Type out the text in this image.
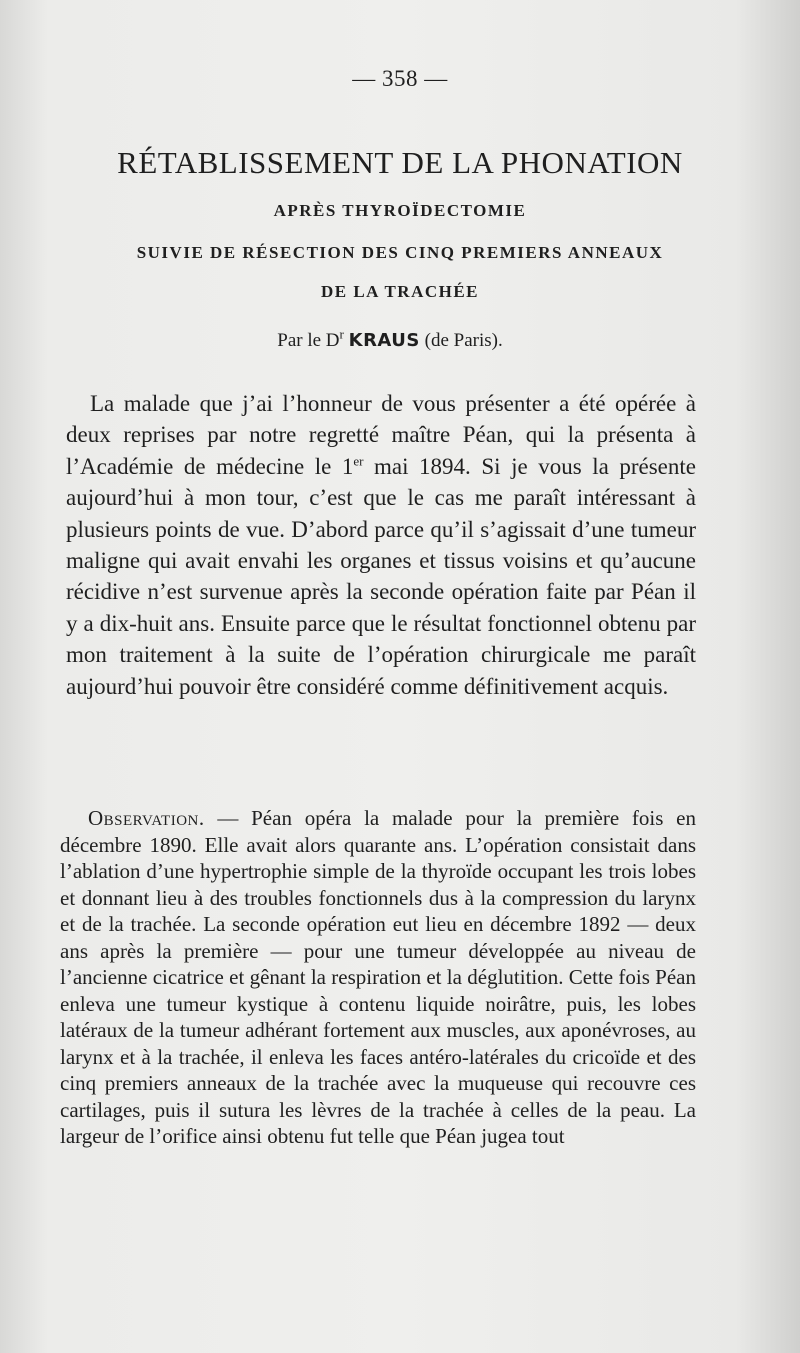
— 358 —
RÉTABLISSEMENT DE LA PHONATION
APRÈS THYROÏDECTOMIE
SUIVIE DE RÉSECTION DES CINQ PREMIERS ANNEAUX
DE LA TRACHÉE
Par le $D^r$ KRAUS (de Paris).

La malade que j’ai l’honneur de vous présenter a été opérée à deux reprises par notre regretté maître Péan, qui la présenta à l’Académie de médecine le 1er mai 1894. Si je vous la présente aujourd’hui à mon tour, c’est que le cas me paraît intéressant à plusieurs points de vue. D’abord parce qu’il s’agissait d’une tumeur maligne qui avait envahi les organes et tissus voisins et qu’aucune récidive n’est survenue après la seconde opération faite par Péan il y a dix-huit ans. Ensuite parce que le résultat fonctionnel obtenu par mon traitement à la suite de l’opération chirurgicale me paraît aujourd’hui pouvoir être considéré comme définitivement acquis.

Observation. — Péan opéra la malade pour la première fois en décembre 1890. Elle avait alors quarante ans. L’opération consistait dans l’ablation d’une hypertrophie simple de la thyroïde occupant les trois lobes et donnant lieu à des troubles fonctionnels dus à la compression du larynx et de la trachée. La seconde opération eut lieu en décembre 1892 — deux ans après la première — pour une tumeur développée au niveau de l’ancienne cicatrice et gênant la respiration et la déglutition. Cette fois Péan enleva une tumeur kystique à contenu liquide noirâtre, puis, les lobes latéraux de la tumeur adhérant fortement aux muscles, aux aponévroses, au larynx et à la trachée, il enleva les faces antéro-latérales du cricoïde et des cinq premiers anneaux de la trachée avec la muqueuse qui recouvre ces cartilages, puis il sutura les lèvres de la trachée à celles de la peau. La largeur de l’orifice ainsi obtenu fut telle que Péan jugea tout
